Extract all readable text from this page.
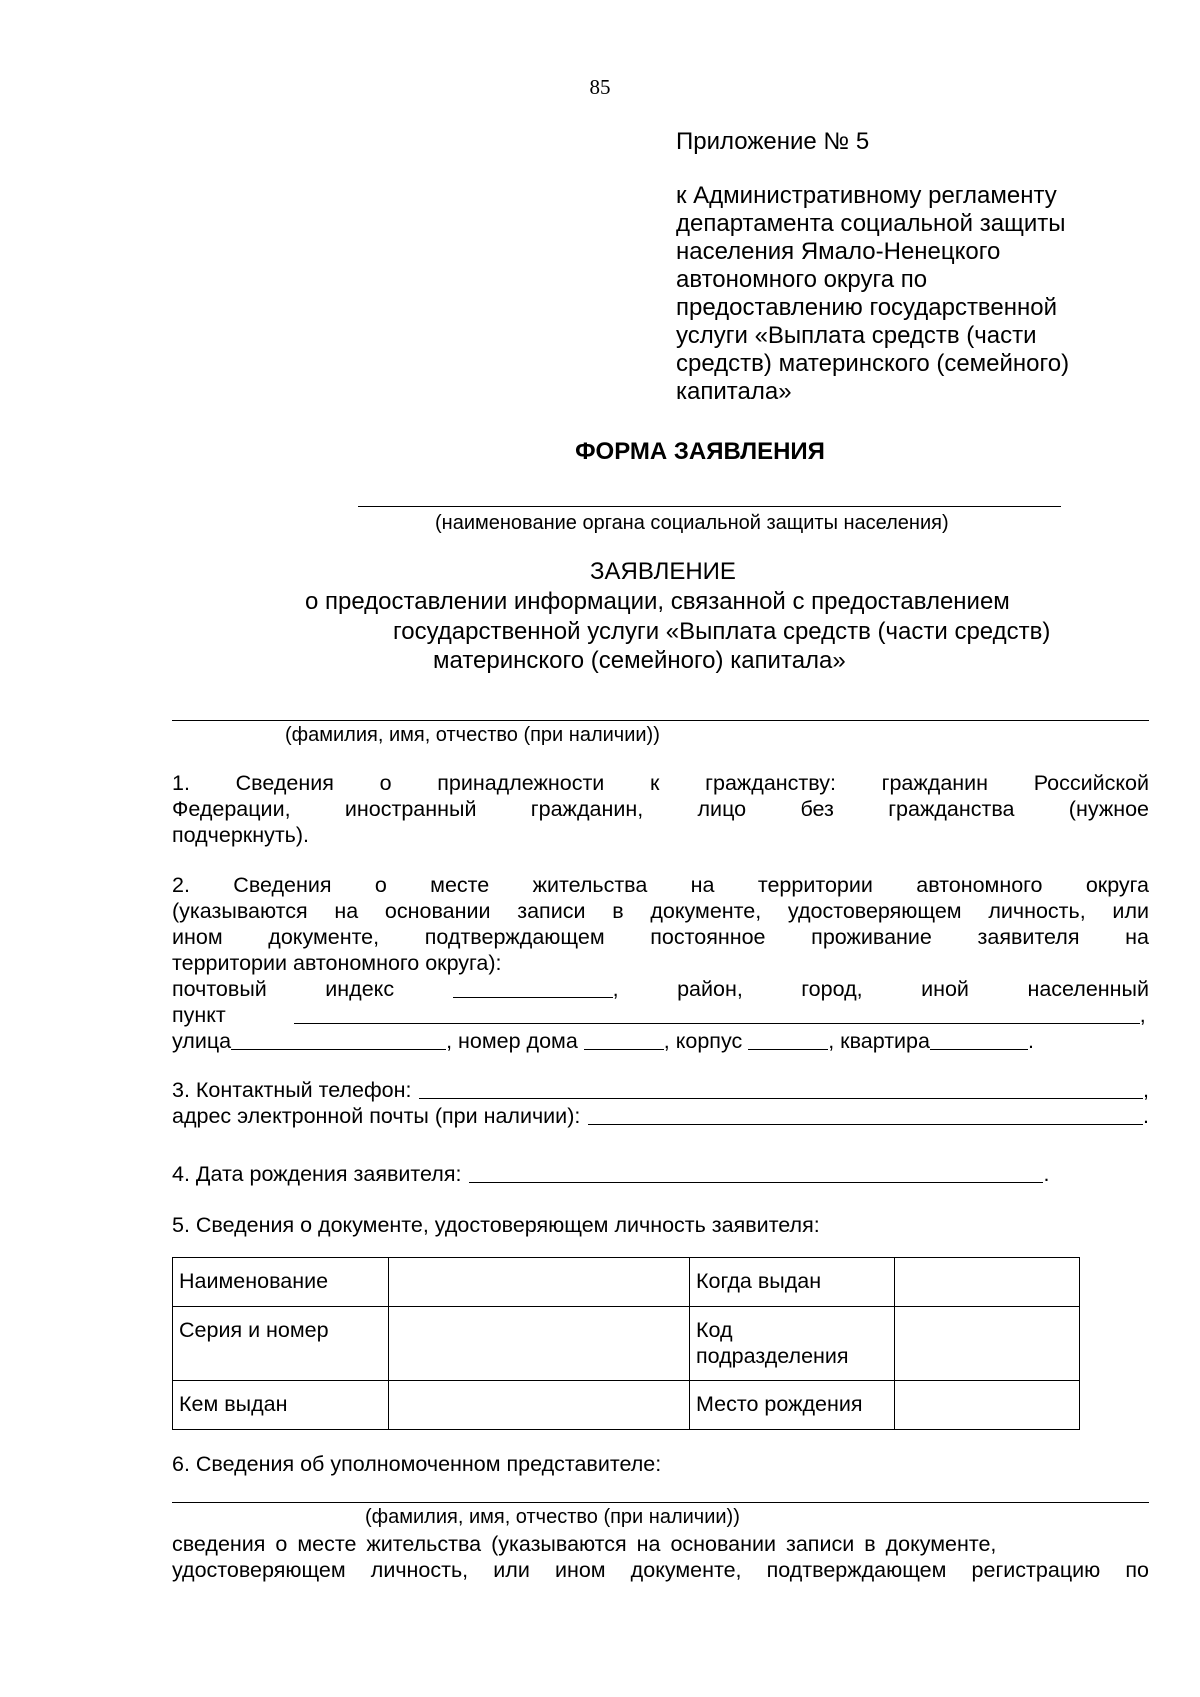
85
Приложение № 5
к Административному регламенту
департамента социальной защиты
населения Ямало-Ненецкого
автономного округа по
предоставлению государственной
услуги «Выплата средств (части
средств) материнского (семейного)
капитала»
ФОРМА ЗАЯВЛЕНИЯ
(наименование органа социальной защиты населения)
ЗАЯВЛЕНИЕ
о предоставлении информации, связанной с предоставлением
государственной услуги «Выплата средств (части средств)
материнского (семейного) капитала»
(фамилия, имя, отчество (при наличии))
1. Сведения о принадлежности к гражданству: гражданин Российской
Федерации, иностранный гражданин, лицо без гражданства (нужное
подчеркнуть).
2. Сведения о месте жительства на территории автономного округа
(указываются на основании записи в документе, удостоверяющем личность, или
ином документе, подтверждающем постоянное проживание заявителя на
территории автономного округа):
почтовый	индекс	,	район,	город,	иной	населенный
пункт	,
улица	, номер дома	, корпус	, квартира	.
3. Контактный телефон:	,
адрес электронной почты (при наличии):	.
4. Дата рождения заявителя:	.
5. Сведения о документе, удостоверяющем личность заявителя:
Наименование		Когда выдан	
Серия и номер		Код
подразделения	

Кем выдан		Место рождения	
6. Сведения об уполномоченном представителе:
(фамилия, имя, отчество (при наличии))
сведения о месте жительства (указываются на основании записи в документе,
удостоверяющем личность, или ином документе, подтверждающем регистрацию по
